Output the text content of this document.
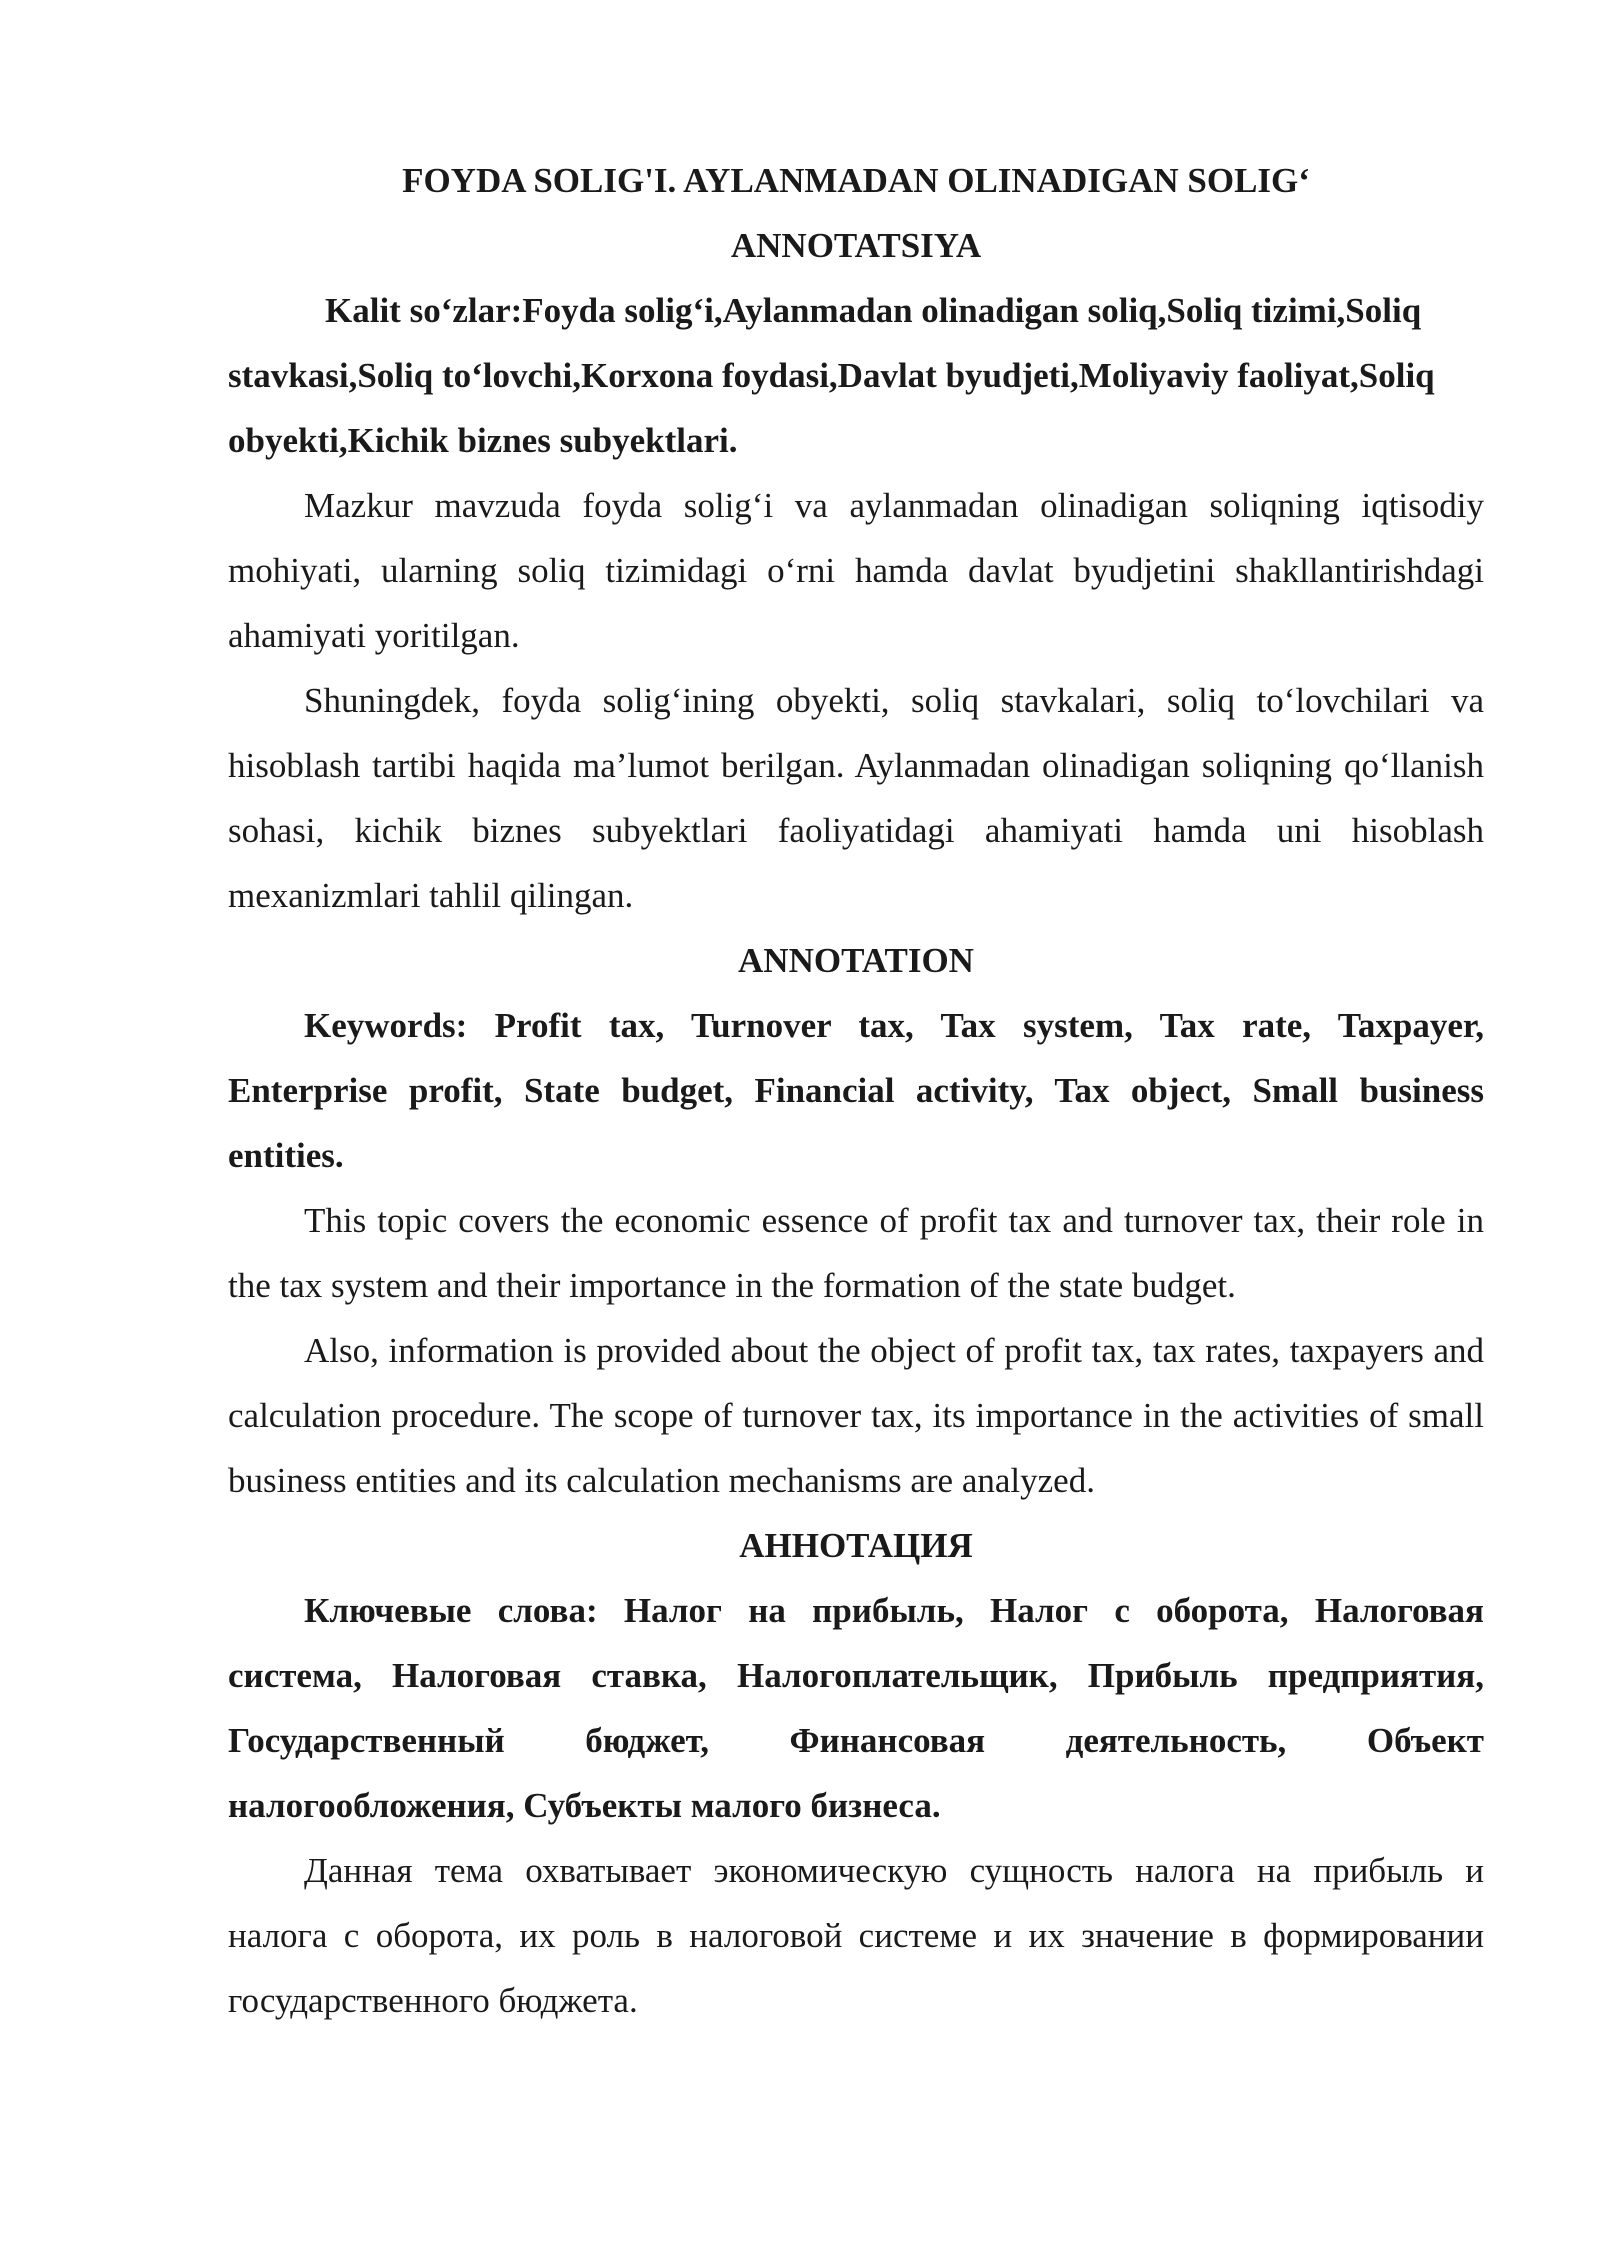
FOYDA SOLIG'I. AYLANMADAN OLINADIGAN SOLIG‘

ANNOTATSIYA

Kalit so‘zlar:Foyda solig‘i,Aylanmadan olinadigan soliq,Soliq tizimi,Soliq stavkasi,Soliq to‘lovchi,Korxona foydasi,Davlat byudjeti,Moliyaviy faoliyat,Soliq obyekti,Kichik biznes subyektlari.

Mazkur mavzuda foyda solig‘i va aylanmadan olinadigan soliqning iqtisodiy mohiyati, ularning soliq tizimidagi o‘rni hamda davlat byudjetini shakllantirishdagi ahamiyati yoritilgan.

Shuningdek, foyda solig‘ining obyekti, soliq stavkalari, soliq to‘lovchilari va hisoblash tartibi haqida ma’lumot berilgan. Aylanmadan olinadigan soliqning qo‘llanish sohasi, kichik biznes subyektlari faoliyatidagi ahamiyati hamda uni hisoblash mexanizmlari tahlil qilingan.

ANNOTATION

Keywords: Profit tax, Turnover tax, Tax system, Tax rate, Taxpayer, Enterprise profit, State budget, Financial activity, Tax object, Small business entities.

This topic covers the economic essence of profit tax and turnover tax, their role in the tax system and their importance in the formation of the state budget.

Also, information is provided about the object of profit tax, tax rates, taxpayers and calculation procedure. The scope of turnover tax, its importance in the activities of small business entities and its calculation mechanisms are analyzed.

АННОТАЦИЯ

Ключевые слова: Налог на прибыль, Налог с оборота, Налоговая система, Налоговая ставка, Налогоплательщик, Прибыль предприятия, Государственный бюджет, Финансовая деятельность, Объект налогообложения, Субъекты малого бизнеса.

Данная тема охватывает экономическую сущность налога на прибыль и налога с оборота, их роль в налоговой системе и их значение в формировании государственного бюджета.
